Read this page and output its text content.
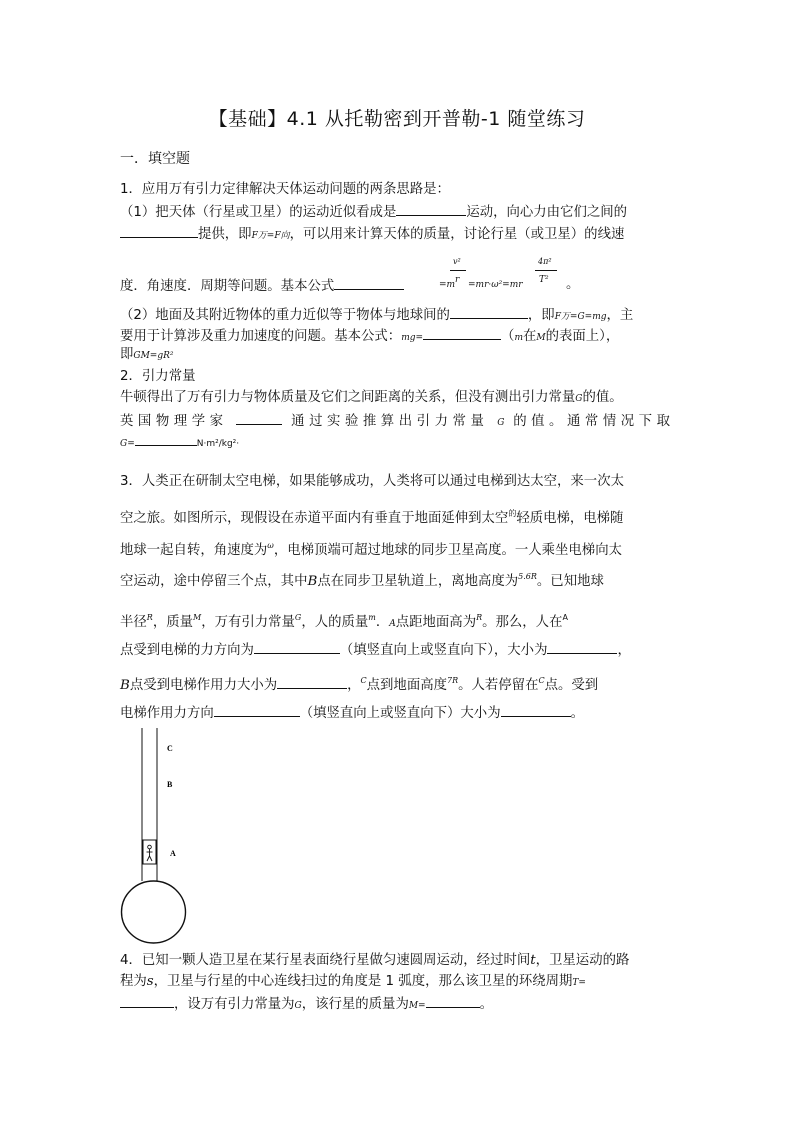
【基础】4.1 从托勒密到开普勒-1 随堂练习
一．填空题
1．应用万有引力定律解决天体运动问题的两条思路是：
（1）把天体（行星或卫星）的运动近似看成是	运动，向心力由它们之间的
提供，即F万=F向，可以用来计算天体的质量，讨论行星（或卫星）的线速
v²	4π²
度．角速度．周期等问题。基本公式	=m r =mr·ω²=mr T² 。
（2）地面及其附近物体的重力近似等于物体与地球间的	，即F万=G=mg，主
要用于计算涉及重力加速度的问题。基本公式：mg=	（m在M的表面上），
即GM=gR²
2．引力常量
牛顿得出了万有引力与物体质量及它们之间距离的关系，但没有测出引力常量G的值。
英国物理学家	通过实验推算出引力常量 G 的值。通常情况下取
G=	N·m²/kg²·
3．人类正在研制太空电梯，如果能够成功，人类将可以通过电梯到达太空，来一次太
空之旅。如图所示，现假设在赤道平面内有垂直于地面延伸到太空$^的$轻质电梯，电梯随
地球一起自转，角速度为$^\omega$，电梯顶端可超过地球的同步卫星高度。一人乘坐电梯向太
空运动，途中停留三个点，其中B点在同步卫星轨道上，离地高度为$^{5.6R}$。已知地球
半径$^R$，质量$^M$，万有引力常量$^G$，人的质量$^m$．A点距地面高为$^R$。那么，人在$^A$
点受到电梯的力方向为	（填竖直向上或竖直向下），大小为	，
B点受到电梯作用力大小为	，$^C$点到地面高度$^{7R}$。人若停留在$^C$点。受到
电梯作用力方向	（填竖直向上或竖直向下）大小为	。
C
B
A
4．已知一颗人造卫星在某行星表面绕行星做匀速圆周运动，经过时间t，卫星运动的路
程为s，卫星与行星的中心连线扫过的角度是 1 弧度，那么该卫星的环绕周期T=
，设万有引力常量为G，该行星的质量为M=	。
